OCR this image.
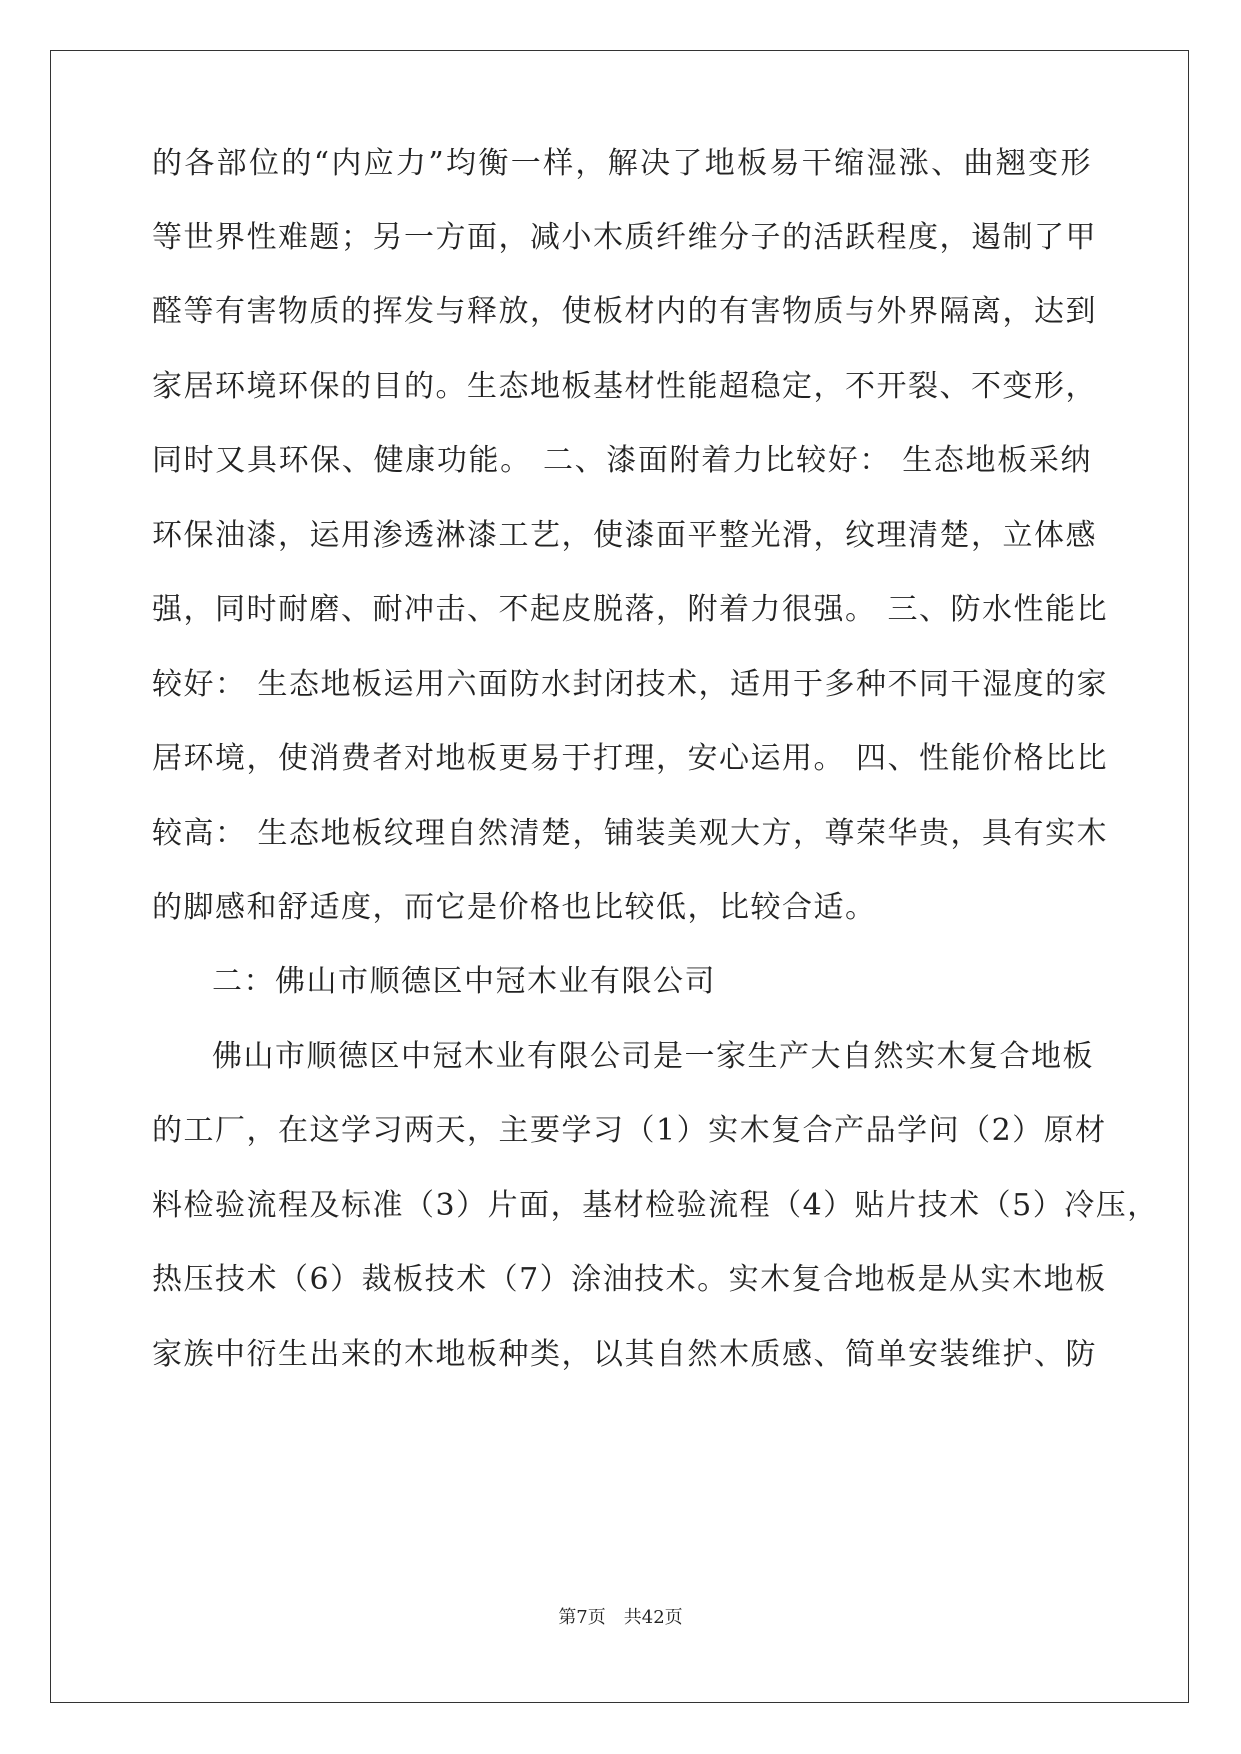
的各部位的“内应力”均衡一样，解决了地板易干缩湿涨、曲翘变形
等世界性难题；另一方面，减小木质纤维分子的活跃程度，遏制了甲
醛等有害物质的挥发与释放，使板材内的有害物质与外界隔离，达到
家居环境环保的目的。生态地板基材性能超稳定，不开裂、不变形，
同时又具环保、健康功能。 二、漆面附着力比较好： 生态地板采纳
环保油漆，运用渗透淋漆工艺，使漆面平整光滑，纹理清楚，立体感
强，同时耐磨、耐冲击、不起皮脱落，附着力很强。 三、防水性能比
较好： 生态地板运用六面防水封闭技术，适用于多种不同干湿度的家
居环境，使消费者对地板更易于打理，安心运用。 四、性能价格比比
较高： 生态地板纹理自然清楚，铺装美观大方，尊荣华贵，具有实木
的脚感和舒适度，而它是价格也比较低，比较合适。
二：佛山市顺德区中冠木业有限公司
佛山市顺德区中冠木业有限公司是一家生产大自然实木复合地板
的工厂，在这学习两天，主要学习（1）实木复合产品学问（2）原材
料检验流程及标准（3）片面，基材检验流程（4）贴片技术（5）冷压，
热压技术（6）裁板技术（7）涂油技术。实木复合地板是从实木地板
家族中衍生出来的木地板种类，以其自然木质感、简单安装维护、防
第7页　共42页
